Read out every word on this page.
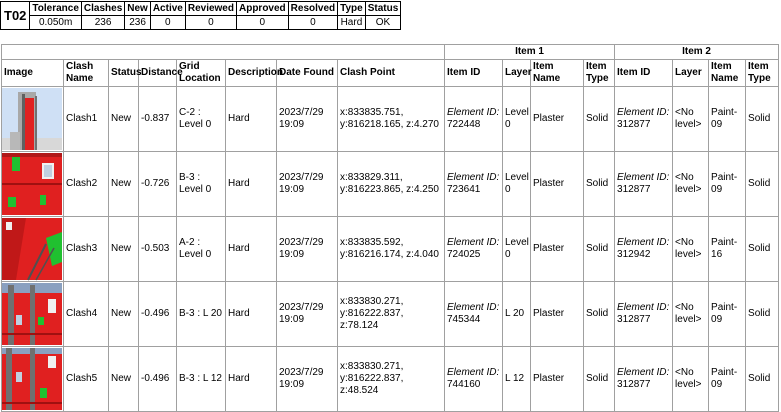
T02	Tolerance	Clashes	New	Active	Reviewed	Approved	Resolved	Type	Status
	0.050m	236	236	0	0	0	0	Hard	OK
								Item 1				Item 2			
Image	Clash Name	Status	Distance	Grid Location	Description	Date Found	Clash Point	Item ID	Layer	Item Name	Item Type	Item ID	Layer	Item Name	Item Type

	Clash1	New	-0.837	C-2 : Level 0	Hard	2023/7/29 19:09	x:833835.751, y:816218.165, z:4.270	Element ID: 722448	Level 0	Plaster	Solid	Element ID: 312877	<No level>	Paint-09	Solid

	Clash2	New	-0.726	B-3 : Level 0	Hard	2023/7/29 19:09	x:833829.311, y:816223.865, z:4.250	Element ID: 723641	Level 0	Plaster	Solid	Element ID: 312877	<No level>	Paint-09	Solid

	Clash3	New	-0.503	A-2 : Level 0	Hard	2023/7/29 19:09	x:833835.592, y:816216.174, z:4.040	Element ID: 724025	Level 0	Plaster	Solid	Element ID: 312942	<No level>	Paint-16	Solid

	Clash4	New	-0.496	B-3 : L 20	Hard	2023/7/29 19:09	x:833830.271, y:816222.837, z:78.124	Element ID: 745344	L 20	Plaster	Solid	Element ID: 312877	<No level>	Paint-09	Solid

	Clash5	New	-0.496	B-3 : L 12	Hard	2023/7/29 19:09	x:833830.271, y:816222.837, z:48.524	Element ID: 744160	L 12	Plaster	Solid	Element ID: 312877	<No level>	Paint-09	Solid
